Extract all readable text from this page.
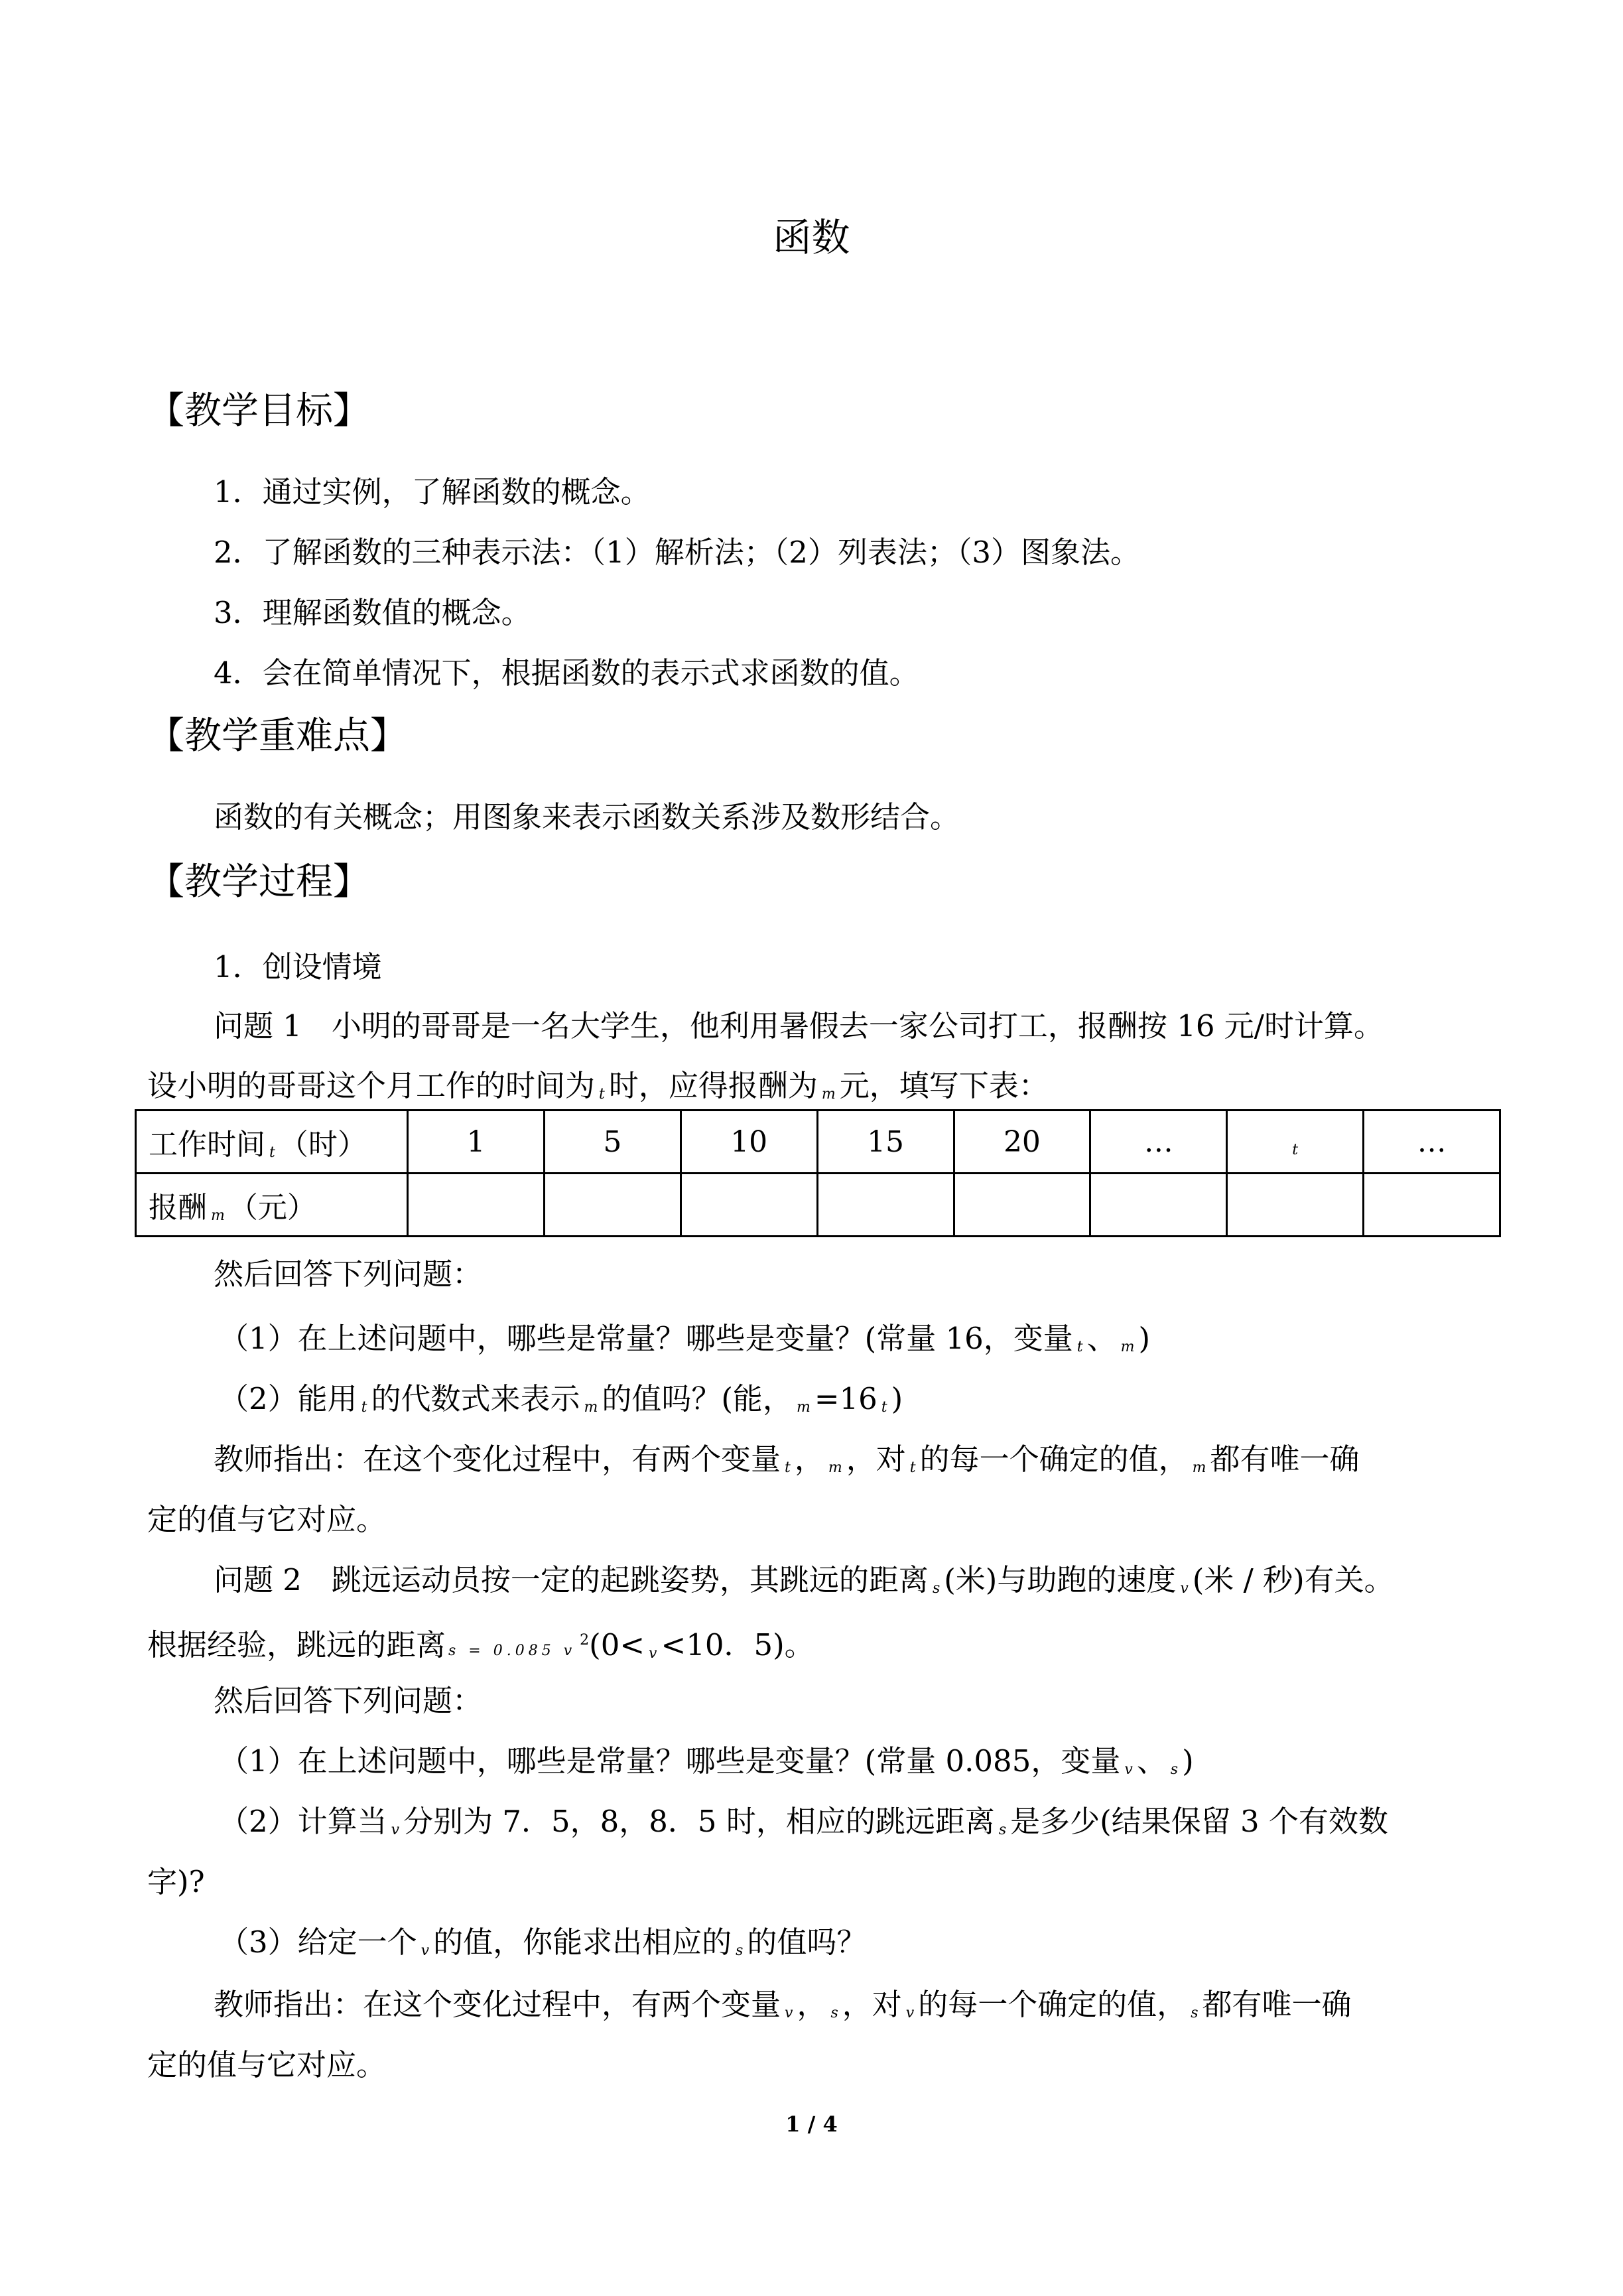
函数
【教学目标】
1．通过实例，了解函数的概念。
2．了解函数的三种表示法：（1）解析法；（2）列表法；（3）图象法。
3．理解函数值的概念。
4．会在简单情况下，根据函数的表示式求函数的值。
【教学重难点】
函数的有关概念；用图象来表示函数关系涉及数形结合。
【教学过程】
1．创设情境
问题 1　小明的哥哥是一名大学生，他利用暑假去一家公司打工，报酬按 16 元/时计算。
设小明的哥哥这个月工作的时间为 t 时，应得报酬为 m 元，填写下表：
工作时间 t （时）	1	5	10	15	20	…	t	…
报酬 m （元）								
然后回答下列问题：
（1）在上述问题中，哪些是常量？哪些是变量？(常量 16，变量 t 、 m )
（2）能用 t 的代数式来表示 m 的值吗？(能， m =16 t )
教师指出：在这个变化过程中，有两个变量 t ， m ，对 t 的每一个确定的值， m 都有唯一确
定的值与它对应。
问题 2　跳远运动员按一定的起跳姿势，其跳远的距离 s (米)与助跑的速度 v (米 / 秒)有关。
根据经验，跳远的距离 s = 0.085 $v^2(0< v <10$．5)。
然后回答下列问题：
（1）在上述问题中，哪些是常量？哪些是变量？(常量 0.085，变量 v 、 s )
（2）计算当 v 分别为 7．5，8，8．5 时，相应的跳远距离 s 是多少(结果保留 3 个有效数
字)?
（3）给定一个 v 的值，你能求出相应的 s 的值吗？
教师指出：在这个变化过程中，有两个变量 v ， s ，对 v 的每一个确定的值， s 都有唯一确
定的值与它对应。
1 / 4
